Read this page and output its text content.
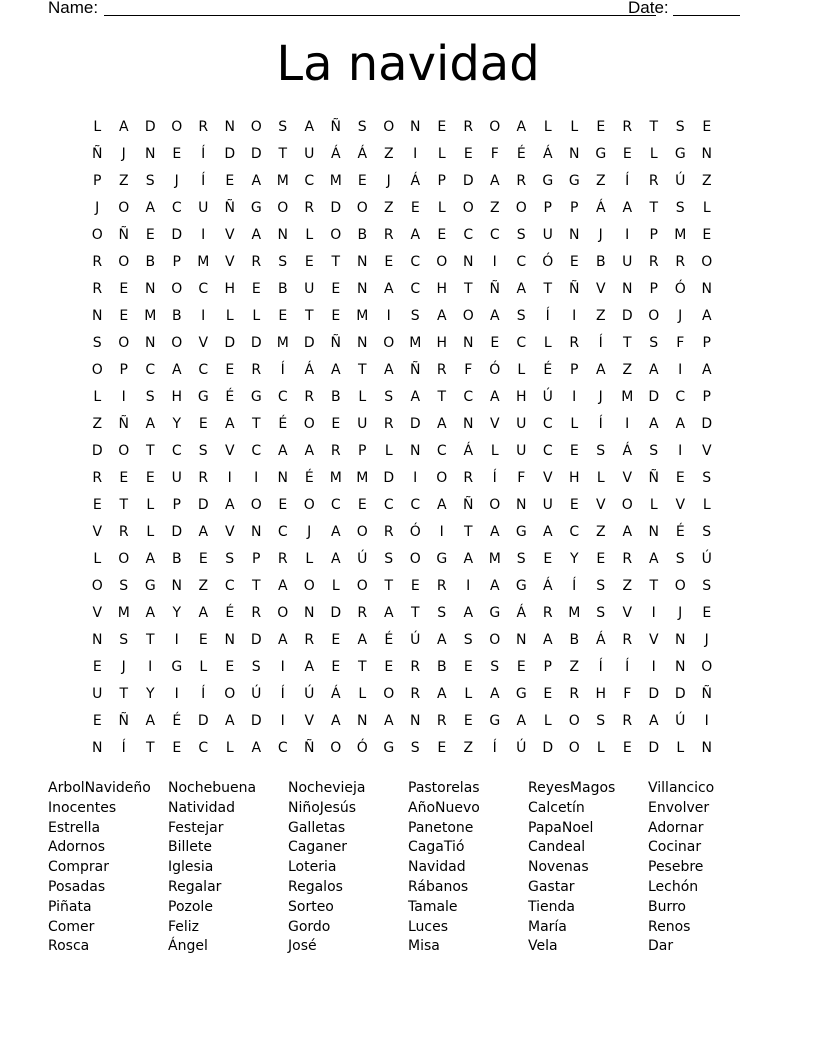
Name:	Date:
La navidad
L	A	D	O	R	N	O	S	A	Ñ	S	O	N	E	R	O	A	L	L	E	R	T	S	E
Ñ	J	N	E	Í	D	D	T	U	Á	Á	Z	I	L	E	F	É	Á	N	G	E	L	G	N
P	Z	S	J	Í	E	A	M	C	M	E	J	Á	P	D	A	R	G	G	Z	Í	R	Ú	Z
J	O	A	C	U	Ñ	G	O	R	D	O	Z	E	L	O	Z	O	P	P	Á	A	T	S	L
O	Ñ	E	D	I	V	A	N	L	O	B	R	A	E	C	C	S	U	N	J	I	P	M	E
R	O	B	P	M	V	R	S	E	T	N	E	C	O	N	I	C	Ó	E	B	U	R	R	O
R	E	N	O	C	H	E	B	U	E	N	A	C	H	T	Ñ	A	T	Ñ	V	N	P	Ó	N
N	E	M	B	I	L	L	E	T	E	M	I	S	A	O	A	S	Í	I	Z	D	O	J	A
S	O	N	O	V	D	D	M	D	Ñ	N	O	M	H	N	E	C	L	R	Í	T	S	F	P
O	P	C	A	C	E	R	Í	Á	A	T	A	Ñ	R	F	Ó	L	É	P	A	Z	A	I	A
L	I	S	H	G	É	G	C	R	B	L	S	A	T	C	A	H	Ú	I	J	M	D	C	P
Z	Ñ	A	Y	E	A	T	É	O	E	U	R	D	A	N	V	U	C	L	Í	I	A	A	D
D	O	T	C	S	V	C	A	A	R	P	L	N	C	Á	L	U	C	E	S	Á	S	I	V
R	E	E	U	R	I	I	N	É	M	M	D	I	O	R	Í	F	V	H	L	V	Ñ	E	S
E	T	L	P	D	A	O	E	O	C	E	C	C	A	Ñ	O	N	U	E	V	O	L	V	L
V	R	L	D	A	V	N	C	J	A	O	R	Ó	I	T	A	G	A	C	Z	A	N	É	S
L	O	A	B	E	S	P	R	L	A	Ú	S	O	G	A	M	S	E	Y	E	R	A	S	Ú
O	S	G	N	Z	C	T	A	O	L	O	T	E	R	I	A	G	Á	Í	S	Z	T	O	S
V	M	A	Y	A	É	R	O	N	D	R	A	T	S	A	G	Á	R	M	S	V	I	J	E
N	S	T	I	E	N	D	A	R	E	A	É	Ú	A	S	O	N	A	B	Á	R	V	N	J
E	J	I	G	L	E	S	I	A	E	T	E	R	B	E	S	E	P	Z	Í	Í	I	N	O
U	T	Y	I	Í	O	Ú	Í	Ú	Á	L	O	R	A	L	A	G	E	R	H	F	D	D	Ñ
E	Ñ	A	É	D	A	D	I	V	A	N	A	N	R	E	G	A	L	O	S	R	A	Ú	I
N	Í	T	E	C	L	A	C	Ñ	O	Ó	G	S	E	Z	Í	Ú	D	O	L	E	D	L	N
ArbolNavideño	Nochebuena	Nochevieja	Pastorelas	ReyesMagos	Villancico
Inocentes	Natividad	NiñoJesús	AñoNuevo	Calcetín	Envolver
Estrella	Festejar	Galletas	Panetone	PapaNoel	Adornar
Adornos	Billete	Caganer	CagaTió	Candeal	Cocinar
Comprar	Iglesia	Loteria	Navidad	Novenas	Pesebre
Posadas	Regalar	Regalos	Rábanos	Gastar	Lechón
Piñata	Pozole	Sorteo	Tamale	Tienda	Burro
Comer	Feliz	Gordo	Luces	María	Renos
Rosca	Ángel	José	Misa	Vela	Dar
